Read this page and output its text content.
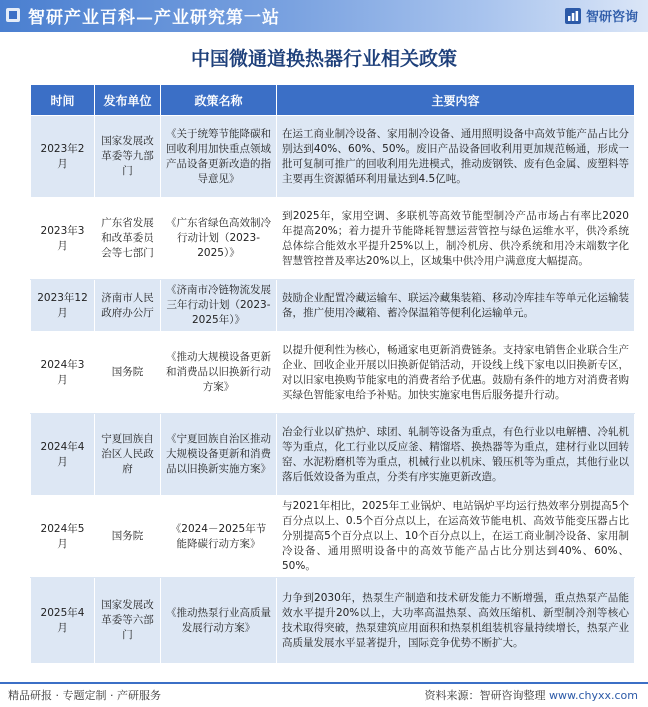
智研产业百科—产业研究第一站	智研咨询
中国微通道换热器行业相关政策
时间	发布单位	政策名称	主要内容
2023年2月	国家发展改革委等九部门	《关于统筹节能降碳和回收利用加快重点领域产品设备更新改造的指导意见》	在运工商业制冷设备、家用制冷设备、通用照明设备中高效节能产品占比分别达到40%、60%、50%。废旧产品设备回收利用更加规范畅通，形成一批可复制可推广的回收利用先进模式，推动废钢铁、废有色金属、废塑料等主要再生资源循环利用量达到4.5亿吨。
2023年3月	广东省发展和改革委员会等七部门	《广东省绿色高效制冷行动计划（2023-2025）》	到2025年，家用空调、多联机等高效节能型制冷产品市场占有率比2020年提高20%；着力提升节能降耗智慧运营管控与绿色运维水平，供冷系统总体综合能效水平提升25%以上，制冷机房、供冷系统和用冷末端数字化智慧管控普及率达20%以上，区域集中供冷用户满意度大幅提高。
2023年12月	济南市人民政府办公厅	《济南市冷链物流发展三年行动计划（2023-2025年）》	鼓励企业配置冷藏运输车、联运冷藏集装箱、移动冷库挂车等单元化运输装备，推广使用冷藏箱、蓄冷保温箱等便利化运输单元。
2024年3月	国务院	《推动大规模设备更新和消费品以旧换新行动方案》	以提升便利性为核心，畅通家电更新消费链条。支持家电销售企业联合生产企业、回收企业开展以旧换新促销活动，开设线上线下家电以旧换新专区，对以旧家电换购节能家电的消费者给予优惠。鼓励有条件的地方对消费者购买绿色智能家电给予补贴。加快实施家电售后服务提升行动。
2024年4月	宁夏回族自治区人民政府	《宁夏回族自治区推动大规模设备更新和消费品以旧换新实施方案》	冶金行业以矿热炉、球团、轧制等设备为重点，有色行业以电解槽、冷轧机等为重点，化工行业以反应釜、精馏塔、换热器等为重点，建材行业以回转窑、水泥粉磨机等为重点，机械行业以机床、锻压机等为重点，其他行业以落后低效设备为重点，分类有序实施更新改造。
2024年5月	国务院	《2024－2025年节能降碳行动方案》	与2021年相比，2025年工业锅炉、电站锅炉平均运行热效率分别提高5个百分点以上、0.5个百分点以上，在运高效节能电机、高效节能变压器占比分别提高5个百分点以上、10个百分点以上，在运工商业制冷设备、家用制冷设备、通用照明设备中的高效节能产品占比分别达到40%、60%、50%。
2025年4月	国家发展改革委等六部门	《推动热泵行业高质量发展行动方案》	力争到2030年，热泵生产制造和技术研发能力不断增强，重点热泵产品能效水平提升20%以上，大功率高温热泵、高效压缩机、新型制冷剂等核心技术取得突破，热泵建筑应用面积和热泵机组装机容量持续增长，热泵产业高质量发展水平显著提升，国际竞争优势不断扩大。
精品研报 · 专题定制 · 产研服务	资料来源：智研咨询整理 www.chyxx.com
